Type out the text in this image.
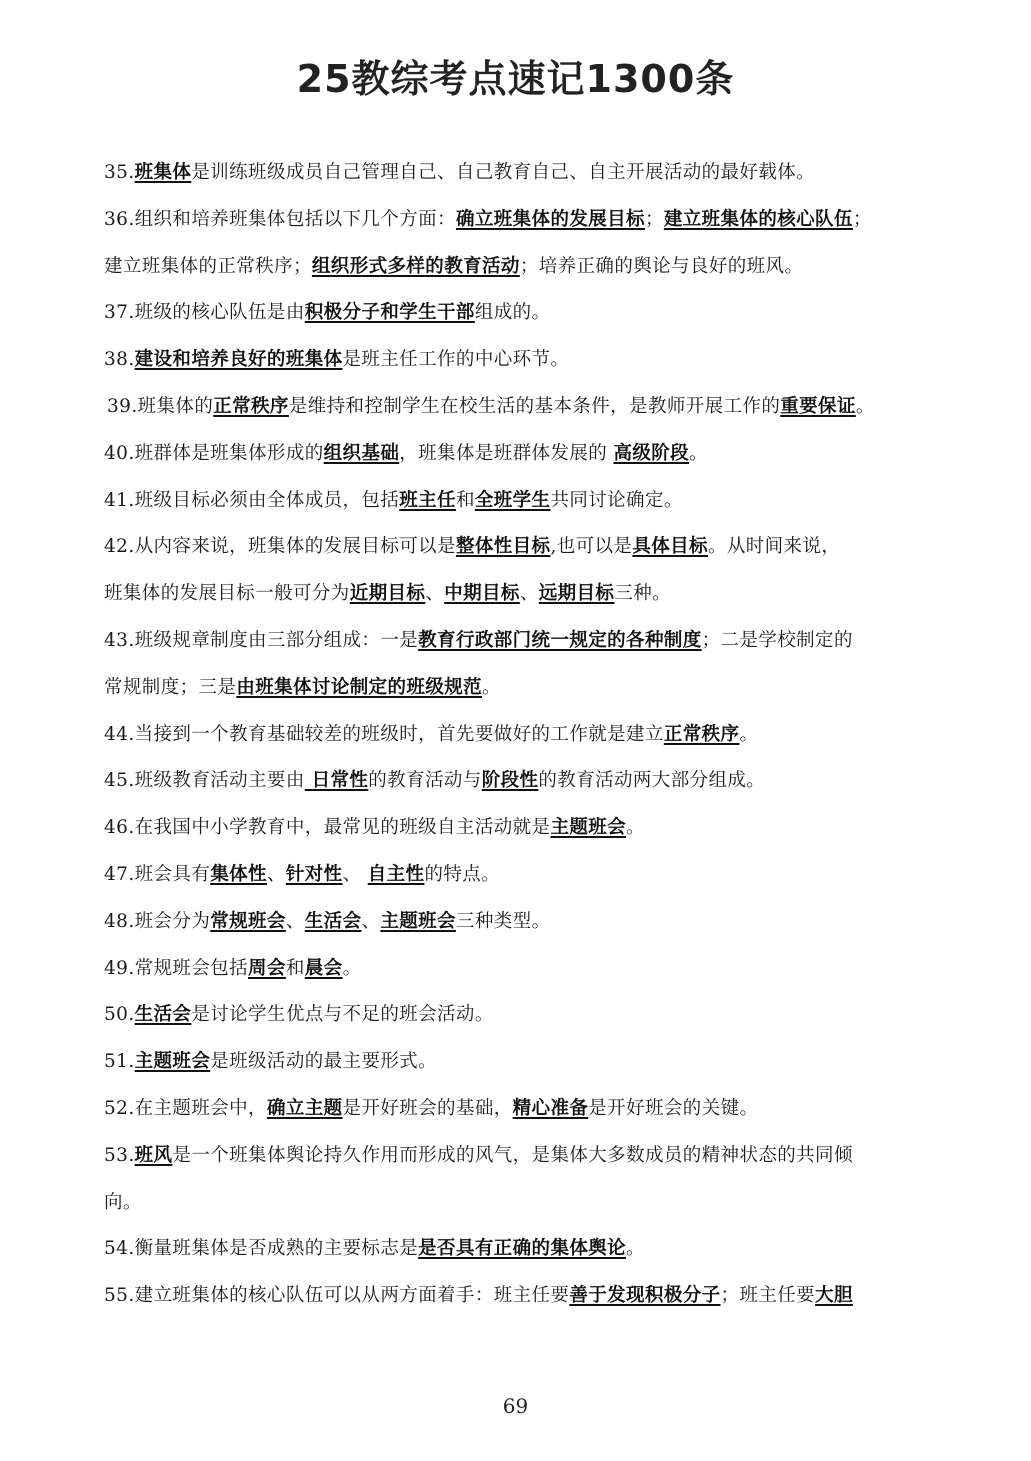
25教综考点速记1300条
35.班集体是训练班级成员自己管理自己、自己教育自己、自主开展活动的最好载体。
36.组织和培养班集体包括以下几个方面：确立班集体的发展目标；建立班集体的核心队伍；
建立班集体的正常秩序；组织形式多样的教育活动；培养正确的舆论与良好的班风。
37.班级的核心队伍是由积极分子和学生干部组成的。
38.建设和培养良好的班集体是班主任工作的中心环节。
39.班集体的正常秩序是维持和控制学生在校生活的基本条件，是教师开展工作的重要保证。
40.班群体是班集体形成的组织基础，班集体是班群体发展的 高级阶段。
41.班级目标必须由全体成员，包括班主任和全班学生共同讨论确定。
42.从内容来说，班集体的发展目标可以是整体性目标,也可以是具体目标。从时间来说，
班集体的发展目标一般可分为近期目标、中期目标、远期目标三种。
43.班级规章制度由三部分组成：一是教育行政部门统一规定的各种制度；二是学校制定的
常规制度；三是由班集体讨论制定的班级规范。
44.当接到一个教育基础较差的班级时，首先要做好的工作就是建立正常秩序。
45.班级教育活动主要由 日常性的教育活动与阶段性的教育活动两大部分组成。
46.在我国中小学教育中，最常见的班级自主活动就是主题班会。
47.班会具有集体性、针对性、 自主性的特点。
48.班会分为常规班会、生活会、主题班会三种类型。
49.常规班会包括周会和晨会。
50.生活会是讨论学生优点与不足的班会活动。
51.主题班会是班级活动的最主要形式。
52.在主题班会中，确立主题是开好班会的基础，精心准备是开好班会的关键。
53.班风是一个班集体舆论持久作用而形成的风气，是集体大多数成员的精神状态的共同倾
向。
54.衡量班集体是否成熟的主要标志是是否具有正确的集体舆论。
55.建立班集体的核心队伍可以从两方面着手：班主任要善于发现积极分子；班主任要大胆
69
